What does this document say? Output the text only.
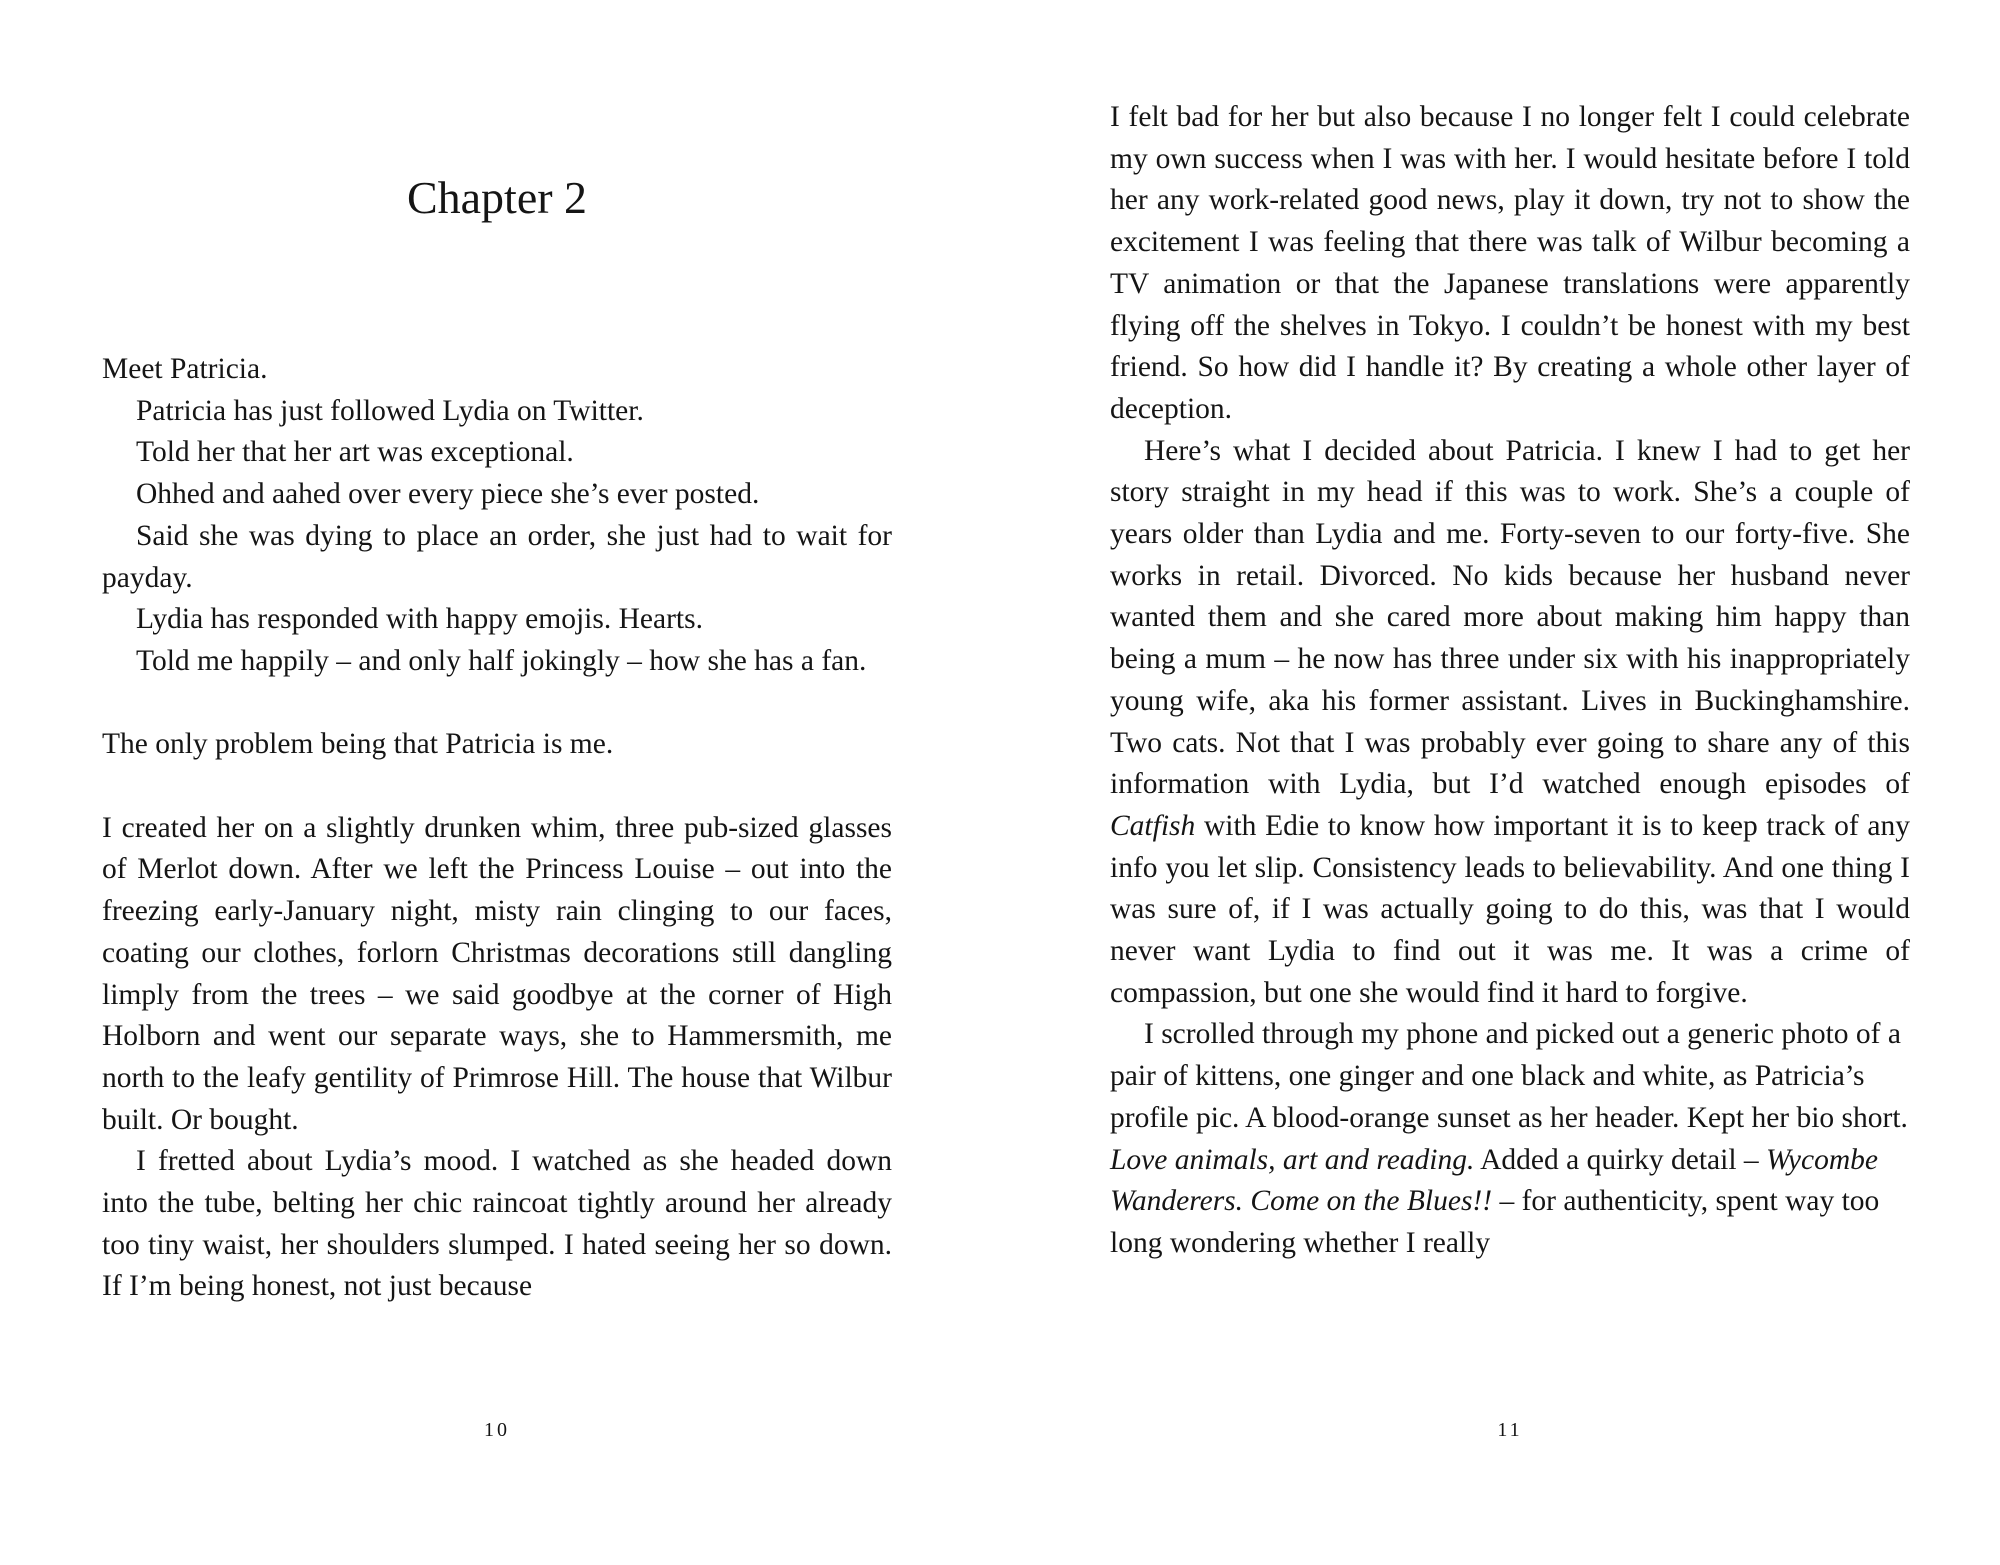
Chapter 2

Meet Patricia.

Patricia has just followed Lydia on Twitter.

Told her that her art was exceptional.

Ohhed and aahed over every piece she’s ever posted.

Said she was dying to place an order, she just had to wait for payday.

Lydia has responded with happy emojis. Hearts.

Told me happily – and only half jokingly – how she has a fan.

The only problem being that Patricia is me.

I created her on a slightly drunken whim, three pub-sized glasses of Merlot down. After we left the Princess Louise – out into the freezing early-January night, misty rain clinging to our faces, coating our clothes, forlorn Christmas decorations still dangling limply from the trees – we said goodbye at the corner of High Holborn and went our separate ways, she to Hammersmith, me north to the leafy gentility of Primrose Hill. The house that Wilbur built. Or bought.

I fretted about Lydia’s mood. I watched as she headed down into the tube, belting her chic raincoat tightly around her already too tiny waist, her shoulders slumped. I hated seeing her so down. If I’m being honest, not just because

10

I felt bad for her but also because I no longer felt I could celebrate my own success when I was with her. I would hesitate before I told her any work-related good news, play it down, try not to show the excitement I was feeling that there was talk of Wilbur becoming a TV animation or that the Japanese translations were apparently flying off the shelves in Tokyo. I couldn’t be honest with my best friend. So how did I handle it? By creating a whole other layer of deception.

Here’s what I decided about Patricia. I knew I had to get her story straight in my head if this was to work. She’s a couple of years older than Lydia and me. Forty-seven to our forty-five. She works in retail. Divorced. No kids because her husband never wanted them and she cared more about making him happy than being a mum – he now has three under six with his inappropriately young wife, aka his former assistant. Lives in Buckinghamshire. Two cats. Not that I was probably ever going to share any of this information with Lydia, but I’d watched enough episodes of Catfish with Edie to know how important it is to keep track of any info you let slip. Consistency leads to believability. And one thing I was sure of, if I was actually going to do this, was that I would never want Lydia to find out it was me. It was a crime of compassion, but one she would find it hard to forgive.

I scrolled through my phone and picked out a generic photo of a pair of kittens, one ginger and one black and white, as Patricia’s profile pic. A blood-orange sunset as her header. Kept her bio short. Love animals, art and reading. Added a quirky detail – Wycombe Wanderers. Come on the Blues!! – for authenticity, spent way too long wondering whether I really

11
